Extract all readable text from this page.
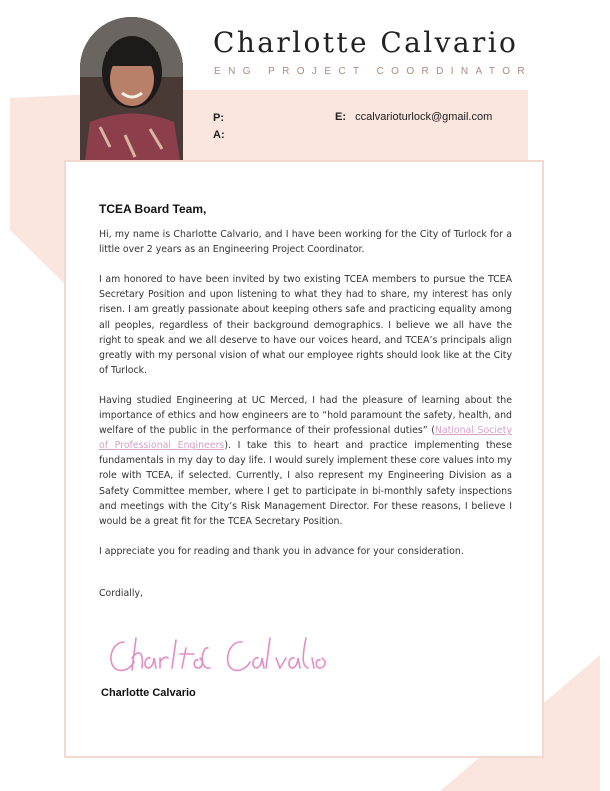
Charlotte Calvario
ENG PROJECT COORDINATOR
P:
A:
E: ccalvarioturlock@gmail.com
TCEA Board Team,

Hi, my name is Charlotte Calvario, and I have been working for the City of Turlock for a little over 2 years as an Engineering Project Coordinator.

I am honored to have been invited by two existing TCEA members to pursue the TCEA Secretary Position and upon listening to what they had to share, my interest has only risen. I am greatly passionate about keeping others safe and practicing equality among all peoples, regardless of their background demographics. I believe we all have the right to speak and we all deserve to have our voices heard, and TCEA’s principals align greatly with my personal vision of what our employee rights should look like at the City of Turlock.

Having studied Engineering at UC Merced, I had the pleasure of learning about the importance of ethics and how engineers are to “hold paramount the safety, health, and welfare of the public in the performance of their professional duties” (National Society of Professional Engineers). I take this to heart and practice implementing these fundamentals in my day to day life. I would surely implement these core values into my role with TCEA, if selected. Currently, I also represent my Engineering Division as a Safety Committee member, where I get to participate in bi-monthly safety inspections and meetings with the City’s Risk Management Director. For these reasons, I believe I would be a great fit for the TCEA Secretary Position.

I appreciate you for reading and thank you in advance for your consideration.

Cordially,
Charlotte Calvario
